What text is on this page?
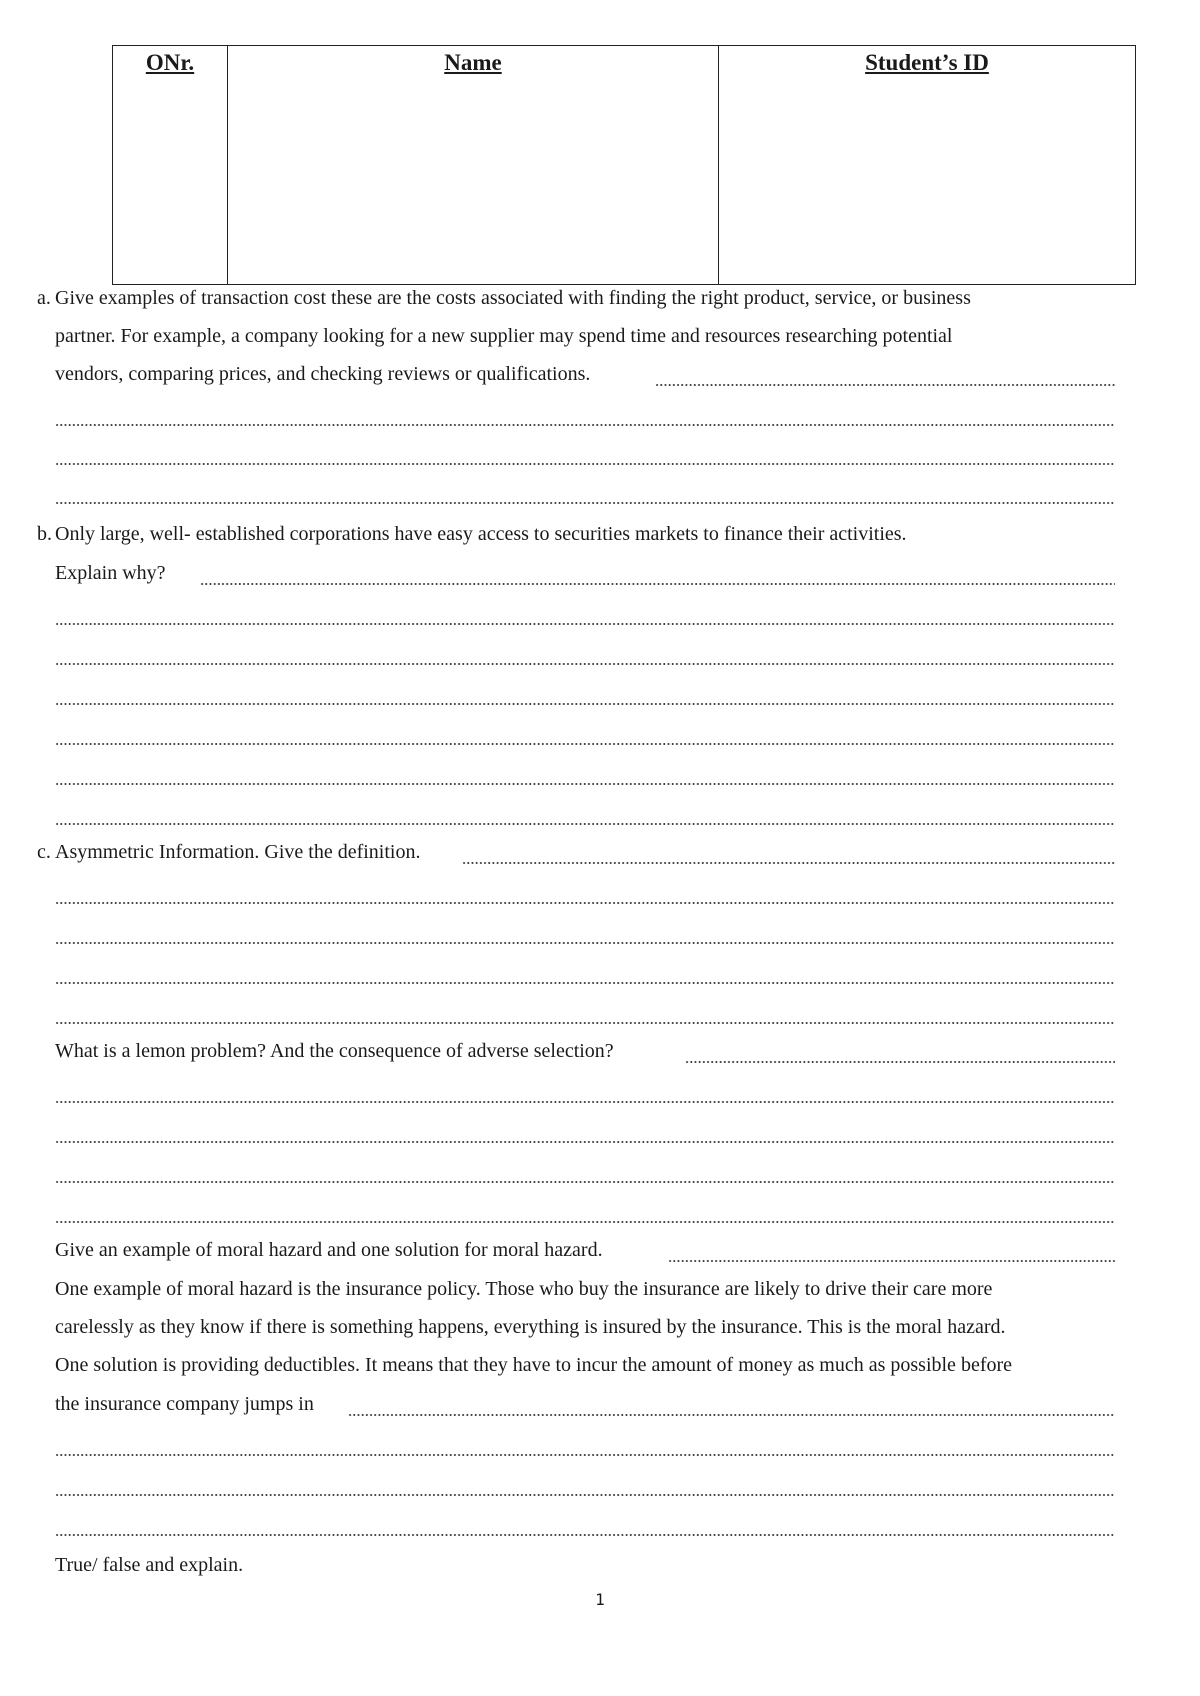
ONr.	Name	Student’s ID
a. Give examples of transaction cost these are the costs associated with finding the right product, service, or business
partner. For example, a company looking for a new supplier may spend time and resources researching potential
vendors, comparing prices, and checking reviews or qualifications.
b. Only large, well- established corporations have easy access to securities markets to finance their activities.
Explain why?
c. Asymmetric Information. Give the definition.
What is a lemon problem? And the consequence of adverse selection?
Give an example of moral hazard and one solution for moral hazard.
One example of moral hazard is the insurance policy. Those who buy the insurance are likely to drive their care more
carelessly as they know if there is something happens, everything is insured by the insurance. This is the moral hazard.
One solution is providing deductibles. It means that they have to incur the amount of money as much as possible before
the insurance company jumps in
True/ false and explain.
1
